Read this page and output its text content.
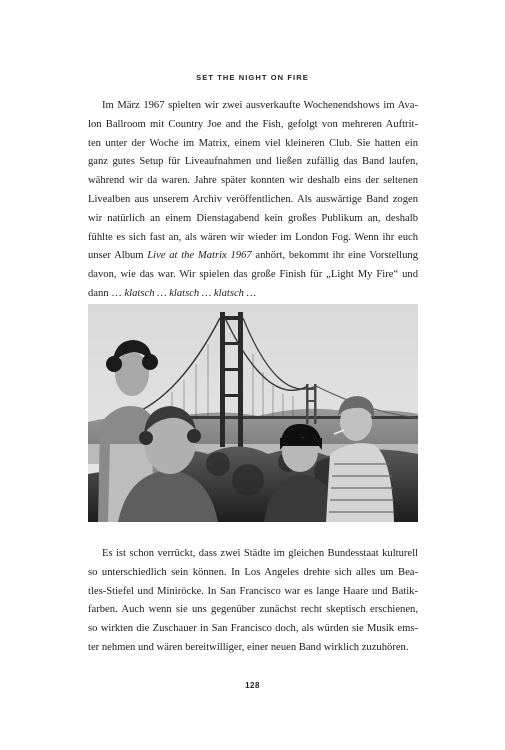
SET THE NIGHT ON FIRE
Im März 1967 spielten wir zwei ausverkaufte Wochenendshows im Ava-
lon Ballroom mit Country Joe and the Fish, gefolgt von mehreren Auftrit-
ten unter der Woche im Matrix, einem viel kleineren Club. Sie hatten ein
ganz gutes Setup für Liveaufnahmen und ließen zufällig das Band laufen,
während wir da waren. Jahre später konnten wir deshalb eins der seltenen
Livealben aus unserem Archiv veröffentlichen. Als auswärtige Band zogen
wir natürlich an einem Dienstagabend kein großes Publikum an, deshalb
fühlte es sich fast an, als wären wir wieder im London Fog. Wenn ihr euch
unser Album Live at the Matrix 1967 anhört, bekommt ihr eine Vorstellung
davon, wie das war. Wir spielen das große Finish für „Light My Fire“ und
dann … klatsch … klatsch … klatsch …
Es ist schon verrückt, dass zwei Städte im gleichen Bundesstaat kulturell
so unterschiedlich sein können. In Los Angeles drehte sich alles um Bea-
tles-Stiefel und Miniröcke. In San Francisco war es lange Haare und Batik-
farben. Auch wenn sie uns gegenüber zunächst recht skeptisch erschienen,
so wirkten die Zuschauer in San Francisco doch, als würden sie Musik ems-
ter nehmen und wären bereitwilliger, einer neuen Band wirklich zuzuhören.
128
